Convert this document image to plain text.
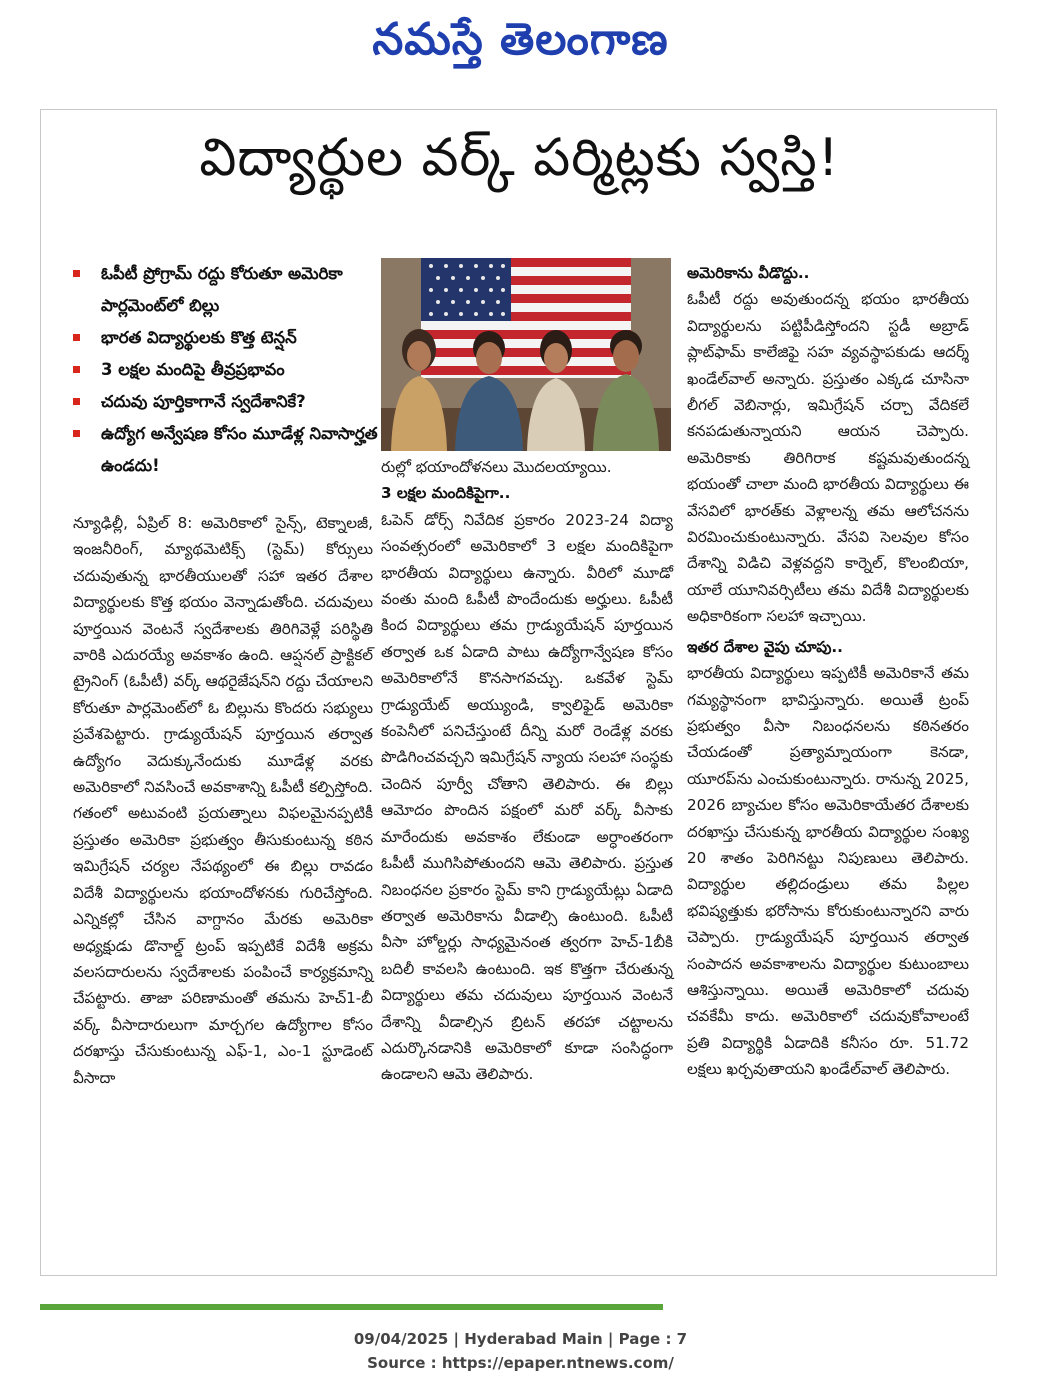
నమస్తే తెలంగాణ
విద్యార్థుల వర్క్‌ పర్మిట్లకు స్వస్తి!
ఓపీటీ ప్రోగ్రామ్‌ రద్దు కోరుతూ అమెరికా పార్లమెంట్‌లో బిల్లు
భారత విద్యార్థులకు కొత్త టెన్షన్‌
3 లక్షల మందిపై తీవ్రప్రభావం
చదువు పూర్తికాగానే స్వదేశానికే?
ఉద్యోగ అన్వేషణ కోసం మూడేళ్ల నివాసార్హత ఉండదు!

న్యూఢిల్లీ, ఏప్రిల్‌ 8: అమెరికాలో సైన్స్‌, టెక్నాలజీ, ఇంజనీరింగ్‌, మ్యాథమెటిక్స్‌ (స్టెమ్‌) కోర్సులు చదువుతున్న భారతీయులతో సహా ఇతర దేశాల విద్యార్థులకు కొత్త భయం వెన్నాడుతోంది. చదువులు పూర్తయిన వెంటనే స్వదేశాలకు తిరిగివెళ్లే పరిస్థితి వారికి ఎదురయ్యే అవకాశం ఉంది. ఆప్షనల్‌ ప్రాక్టికల్‌ ట్రైనింగ్‌ (ఓపీటీ) వర్క్‌ ఆథరైజేషన్‌ని రద్దు చేయాలని కోరుతూ పార్లమెంట్‌లో ఓ బిల్లును కొందరు సభ్యులు ప్రవేశపెట్టారు. గ్రాడ్యుయేషన్‌ పూర్తయిన తర్వాత ఉద్యోగం వెదుక్కునేందుకు మూడేళ్ల వరకు అమెరికాలో నివసించే అవకాశాన్ని ఓపీటీ కల్పిస్తోంది. గతంలో అటువంటి ప్రయత్నాలు విఫలమైనప్పటికీ ప్రస్తుతం అమెరికా ప్రభుత్వం తీసుకుంటున్న కఠిన ఇమిగ్రేషన్‌ చర్యల నేపథ్యంలో ఈ బిల్లు రావడం విదేశీ విద్యార్థులను భయాందోళనకు గురిచేస్తోంది. ఎన్నికల్లో చేసిన వాగ్దానం మేరకు అమెరికా అధ్యక్షుడు డొనాల్డ్‌ ట్రంప్‌ ఇప్పటికే విదేశీ అక్రమ వలసదారులను స్వదేశాలకు పంపించే కార్యక్రమాన్ని చేపట్టారు. తాజా పరిణామంతో తమను హెచ్‌1-బీ వర్క్‌ వీసాదారులుగా మార్చగల ఉద్యోగాల కోసం దరఖాస్తు చేసుకుంటున్న ఎఫ్‌-1, ఎం-1 స్టూడెంట్‌ వీసాదా

రుల్లో భయాందోళనలు మొదలయ్యాయి.

3 లక్షల మందికిపైగా..

ఓపెన్‌ డోర్స్‌ నివేదిక ప్రకారం 2023-24 విద్యా సంవత్సరంలో అమెరికాలో 3 లక్షల మందికిపైగా భారతీయ విద్యార్థులు ఉన్నారు. వీరిలో మూడో వంతు మంది ఓపీటీ పొందేందుకు అర్హులు. ఓపీటీ కింద విద్యార్థులు తమ గ్రాడ్యుయేషన్‌ పూర్తయిన తర్వాత ఒక ఏడాది పాటు ఉద్యోగాన్వేషణ కోసం అమెరికాలోనే కొనసాగవచ్చు. ఒకవేళ స్టెమ్‌ గ్రాడ్యుయేట్‌ అయ్యుండి, క్వాలిఫైడ్‌ అమెరికా కంపెనీలో పనిచేస్తుంటే దీన్ని మరో రెండేళ్ల వరకు పొడిగించవచ్చని ఇమిగ్రేషన్‌ న్యాయ సలహా సంస్థకు చెందిన పూర్వీ చోతాని తెలిపారు. ఈ బిల్లు ఆమోదం పొందిన పక్షంలో మరో వర్క్‌ వీసాకు మారేందుకు అవకాశం లేకుండా అర్ధాంతరంగా ఓపీటీ ముగిసిపోతుందని ఆమె తెలిపారు. ప్రస్తుత నిబంధనల ప్రకారం స్టెమ్‌ కాని గ్రాడ్యుయేట్లు ఏడాది తర్వాత అమెరికాను వీడాల్సి ఉంటుంది. ఓపీటీ వీసా హోల్డర్లు సాధ్యమైనంత త్వరగా హెచ్‌-1బీకి బదిలీ కావలసి ఉంటుంది. ఇక కొత్తగా చేరుతున్న విద్యార్థులు తమ చదువులు పూర్తయిన వెంటనే దేశాన్ని వీడాల్సిన బ్రిటన్‌ తరహా చట్టాలను ఎదుర్కొనడానికి అమెరికాలో కూడా సంసిద్ధంగా ఉండాలని ఆమె తెలిపారు.

అమెరికాను వీడొద్దు..

ఓపీటీ రద్దు అవుతుందన్న భయం భారతీయ విద్యార్థులను పట్టిపీడిస్తోందని స్టడీ అబ్రాడ్‌ ప్లాట్‌ఫామ్‌ కాలేజిఫై సహ వ్యవస్థాపకుడు ఆదర్శ్‌ ఖండేల్‌వాల్‌ అన్నారు. ప్రస్తుతం ఎక్కడ చూసినా లీగల్‌ వెబినార్లు, ఇమిగ్రేషన్‌ చర్చా వేదికలే కనపడుతున్నాయని ఆయన చెప్పారు. అమెరికాకు తిరిగిరాక కష్టమవుతుందన్న భయంతో చాలా మంది భారతీయ విద్యార్థులు ఈ వేసవిలో భారత్‌కు వెళ్లాలన్న తమ ఆలోచనను విరమించుకుంటున్నారు. వేసవి సెలవుల కోసం దేశాన్ని విడిచి వెళ్లవద్దని కార్నెల్‌, కొలంబియా, యాలే యూనివర్సిటీలు తమ విదేశీ విద్యార్థులకు అధికారికంగా సలహా ఇచ్చాయి.

ఇతర దేశాల వైపు చూపు..

భారతీయ విద్యార్థులు ఇప్పటికీ అమెరికానే తమ గమ్యస్థానంగా భావిస్తున్నారు. అయితే ట్రంప్‌ ప్రభుత్వం వీసా నిబంధనలను కఠినతరం చేయడంతో ప్రత్యామ్నాయంగా కెనడా, యూరప్‌ను ఎంచుకుంటున్నారు. రానున్న 2025, 2026 బ్యాచుల కోసం అమెరికాయేతర దేశాలకు దరఖాస్తు చేసుకున్న భారతీయ విద్యార్థుల సంఖ్య 20 శాతం పెరిగినట్టు నిపుణులు తెలిపారు. విద్యార్థుల తల్లిదండ్రులు తమ పిల్లల భవిష్యత్తుకు భరోసాను కోరుకుంటున్నారని వారు చెప్పారు. గ్రాడ్యుయేషన్‌ పూర్తయిన తర్వాత సంపాదన అవకాశాలను విద్యార్థుల కుటుంబాలు ఆశిస్తున్నాయి. అయితే అమెరికాలో చదువు చవకేమీ కాదు. అమెరికాలో చదువుకోవాలంటే ప్రతి విద్యార్థికి ఏడాదికి కనీసం రూ. 51.72 లక్షలు ఖర్చవుతాయని ఖండేల్‌వాల్‌ తెలిపారు.

09/04/2025 | Hyderabad Main | Page : 7
Source : https://epaper.ntnews.com/
